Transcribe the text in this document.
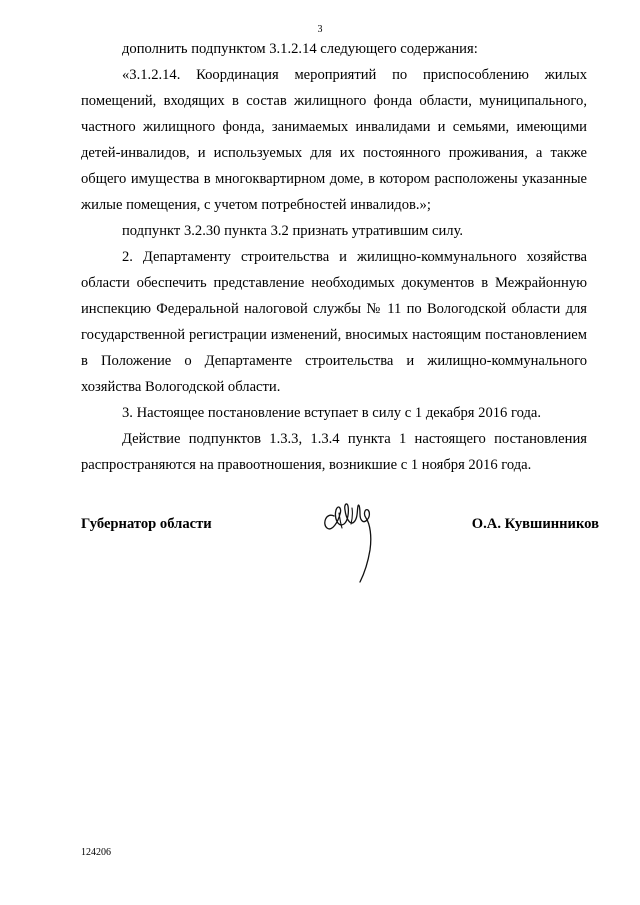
3

дополнить подпунктом 3.1.2.14 следующего содержания:

«3.1.2.14. Координация мероприятий по приспособлению жилых помещений, входящих в состав жилищного фонда области, муниципального, частного жилищного фонда, занимаемых инвалидами и семьями, имеющими детей-инвалидов, и используемых для их постоянного проживания, а также общего имущества в многоквартирном доме, в котором расположены указанные жилые помещения, с учетом потребностей инвалидов.»;

подпункт 3.2.30 пункта 3.2 признать утратившим силу.

2. Департаменту строительства и жилищно-коммунального хозяйства области обеспечить представление необходимых документов в Межрайонную инспекцию Федеральной налоговой службы № 11 по Вологодской области для государственной регистрации изменений, вносимых настоящим постановлением в Положение о Департаменте строительства и жилищно-коммунального хозяйства Вологодской области.

3. Настоящее постановление вступает в силу с 1 декабря 2016 года.

Действие подпунктов 1.3.3, 1.3.4 пункта 1 настоящего постановления распространяются на правоотношения, возникшие с 1 ноября 2016 года.

Губернатор области	О.А. Кувшинников
124206
